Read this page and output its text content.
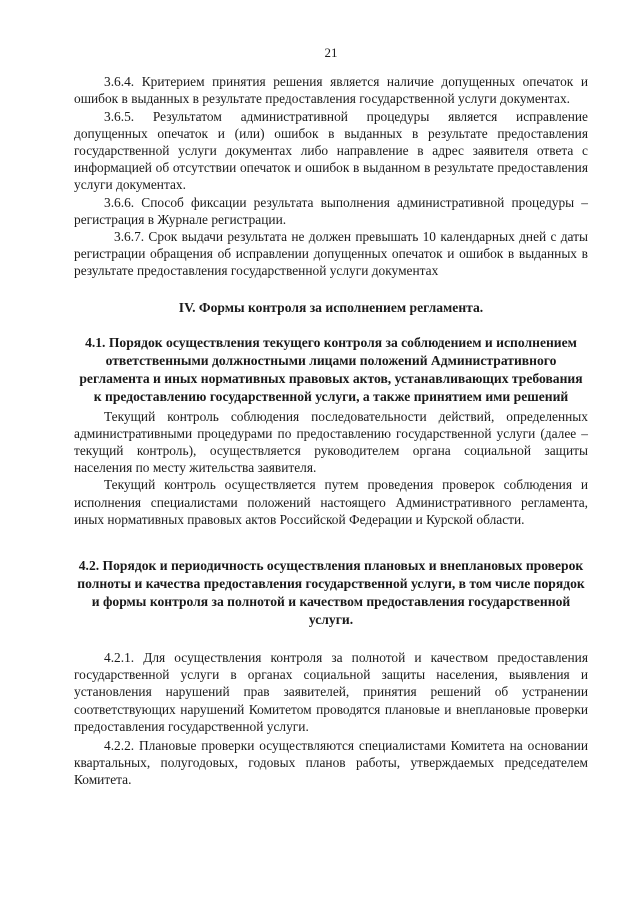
21

3.6.4. Критерием принятия решения является наличие допущенных опечаток и ошибок в выданных в результате предоставления государственной услуги документах.

3.6.5. Результатом административной процедуры является исправление допущенных опечаток и (или) ошибок в выданных в результате предоставления государственной услуги документах либо направление в адрес заявителя ответа с информацией об отсутствии опечаток и ошибок в выданном в результате предоставления услуги документах.

3.6.6. Способ фиксации результата выполнения административной процедуры – регистрация в Журнале регистрации.

3.6.7. Срок выдачи результата не должен превышать 10 календарных дней с даты регистрации обращения об исправлении допущенных опечаток и ошибок в выданных в результате предоставления государственной услуги документах

IV. Формы контроля за исполнением регламента.
4.1. Порядок осуществления текущего контроля за соблюдением и исполнением ответственными должностными лицами положений Административного регламента и иных нормативных правовых актов, устанавливающих требования к предоставлению государственной услуги, а также принятием ими решений

Текущий контроль соблюдения последовательности действий, определенных административными процедурами по предоставлению государственной услуги (далее – текущий контроль), осуществляется руководителем органа социальной защиты населения по месту жительства заявителя.

Текущий контроль осуществляется путем проведения проверок соблюдения и исполнения специалистами положений настоящего Административного регламента, иных нормативных правовых актов Российской Федерации и Курской области.

4.2. Порядок и периодичность осуществления плановых и внеплановых проверок полноты и качества предоставления государственной услуги, в том числе порядок и формы контроля за полнотой и качеством предоставления государственной услуги.

4.2.1. Для осуществления контроля за полнотой и качеством предоставления государственной услуги в органах социальной защиты населения, выявления и установления нарушений прав заявителей, принятия решений об устранении соответствующих нарушений Комитетом проводятся плановые и внеплановые проверки предоставления государственной услуги.

4.2.2. Плановые проверки осуществляются специалистами Комитета на основании квартальных, полугодовых, годовых планов работы, утверждаемых председателем Комитета.
